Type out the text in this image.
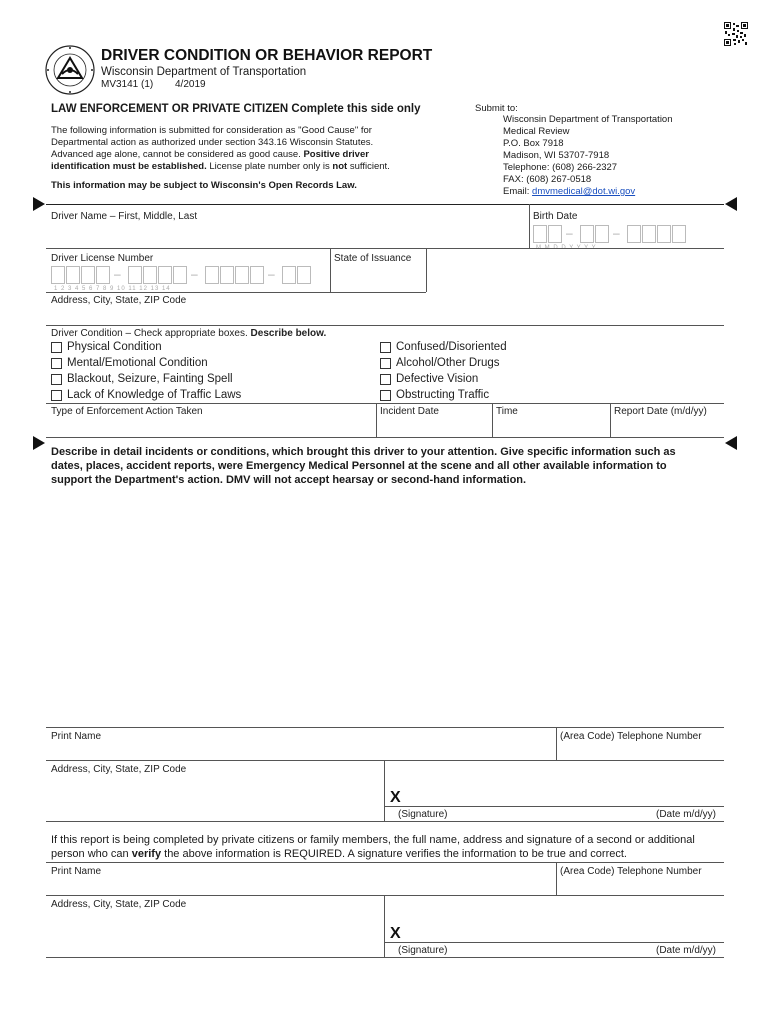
DRIVER CONDITION OR BEHAVIOR REPORT
Wisconsin Department of Transportation
MV3141 (1) 4/2019
LAW ENFORCEMENT OR PRIVATE CITIZEN Complete this side only
The following information is submitted for consideration as "Good Cause" for
Departmental action as authorized under section 343.16 Wisconsin Statutes.
Advanced age alone, cannot be considered as good cause. Positive driver
identification must be established. License plate number only is not sufficient.
This information may be subject to Wisconsin's Open Records Law.
Submit to:
Wisconsin Department of Transportation
Medical Review
P.O. Box 7918
Madison, WI 53707-7918
Telephone: (608) 266-2327
FAX: (608) 267-0518
Email: dmvmedical@dot.wi.gov
Driver Name – First, Middle, Last	Birth Date
–	–
M M D D Y Y Y Y
Driver License Number
–	–	–
1 2 3 4 5 6 7 8 9 10 11 12 13 14
State of Issuance
Address, City, State, ZIP Code
Driver Condition – Check appropriate boxes. Describe below.
Physical Condition
Mental/Emotional Condition
Blackout, Seizure, Fainting Spell
Lack of Knowledge of Traffic Laws
Confused/Disoriented
Alcohol/Other Drugs
Defective Vision
Obstructing Traffic
Type of Enforcement Action Taken	Incident Date	Time	Report Date (m/d/yy)
Describe in detail incidents or conditions, which brought this driver to your attention. Give specific information such as
dates, places, accident reports, were Emergency Medical Personnel at the scene and all other available information to
support the Department's action. DMV will not accept hearsay or second-hand information.
Print Name	(Area Code) Telephone Number
Address, City, State, ZIP Code
X
(Signature)	(Date m/d/yy)
If this report is being completed by private citizens or family members, the full name, address and signature of a second or additional
person who can verify the above information is REQUIRED. A signature verifies the information to be true and correct.
Print Name	(Area Code) Telephone Number
Address, City, State, ZIP Code
X
(Signature)	(Date m/d/yy)
